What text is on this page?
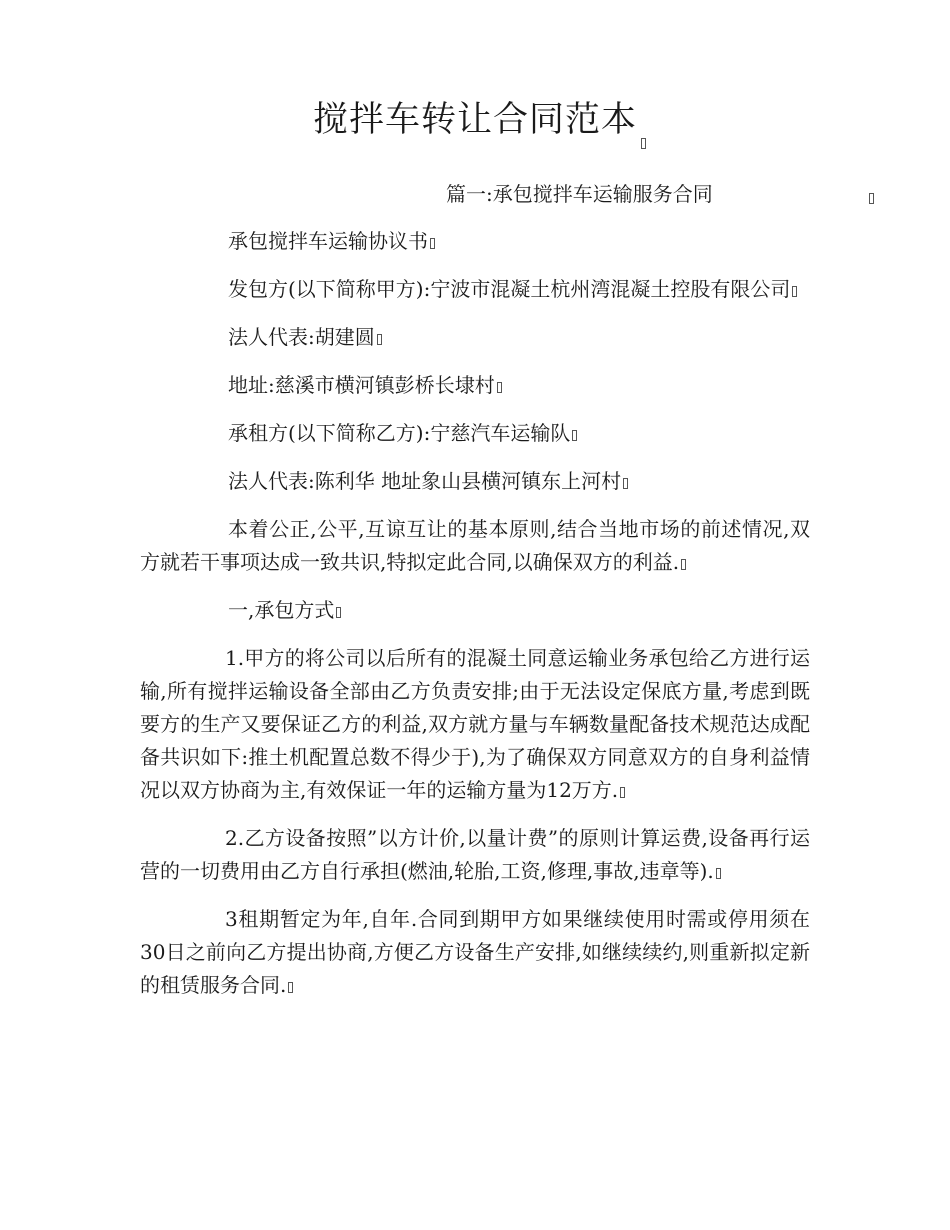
搅拌车转让合同范本
篇一:承包搅拌车运输服务合同

承包搅拌车运输协议书

发包方(以下简称甲方):宁波市混凝土杭州湾混凝土控股有限公司

法人代表:胡建圆

地址:慈溪市横河镇彭桥长埭村

承租方(以下简称乙方):宁慈汽车运输队

法人代表:陈利华 地址象山县横河镇东上河村

本着公正,公平,互谅互让的基本原则,结合当地市场的前述情况,双方就若干事项达成一致共识,特拟定此合同,以确保双方的利益.

一,承包方式

1.甲方的将公司以后所有的混凝土同意运输业务承包给乙方进行运输,所有搅拌运输设备全部由乙方负责安排;由于无法设定保底方量,考虑到既要方的生产又要保证乙方的利益,双方就方量与车辆数量配备技术规范达成配备共识如下:推土机配置总数不得少于),为了确保双方同意双方的自身利益情况以双方协商为主,有效保证一年的运输方量为12万方.

2.乙方设备按照”以方计价,以量计费”的原则计算运费,设备再行运营的一切费用由乙方自行承担(燃油,轮胎,工资,修理,事故,违章等).

3租期暂定为年,自年.合同到期甲方如果继续使用时需或停用须在30日之前向乙方提出协商,方便乙方设备生产安排,如继续续约,则重新拟定新的租赁服务合同.
